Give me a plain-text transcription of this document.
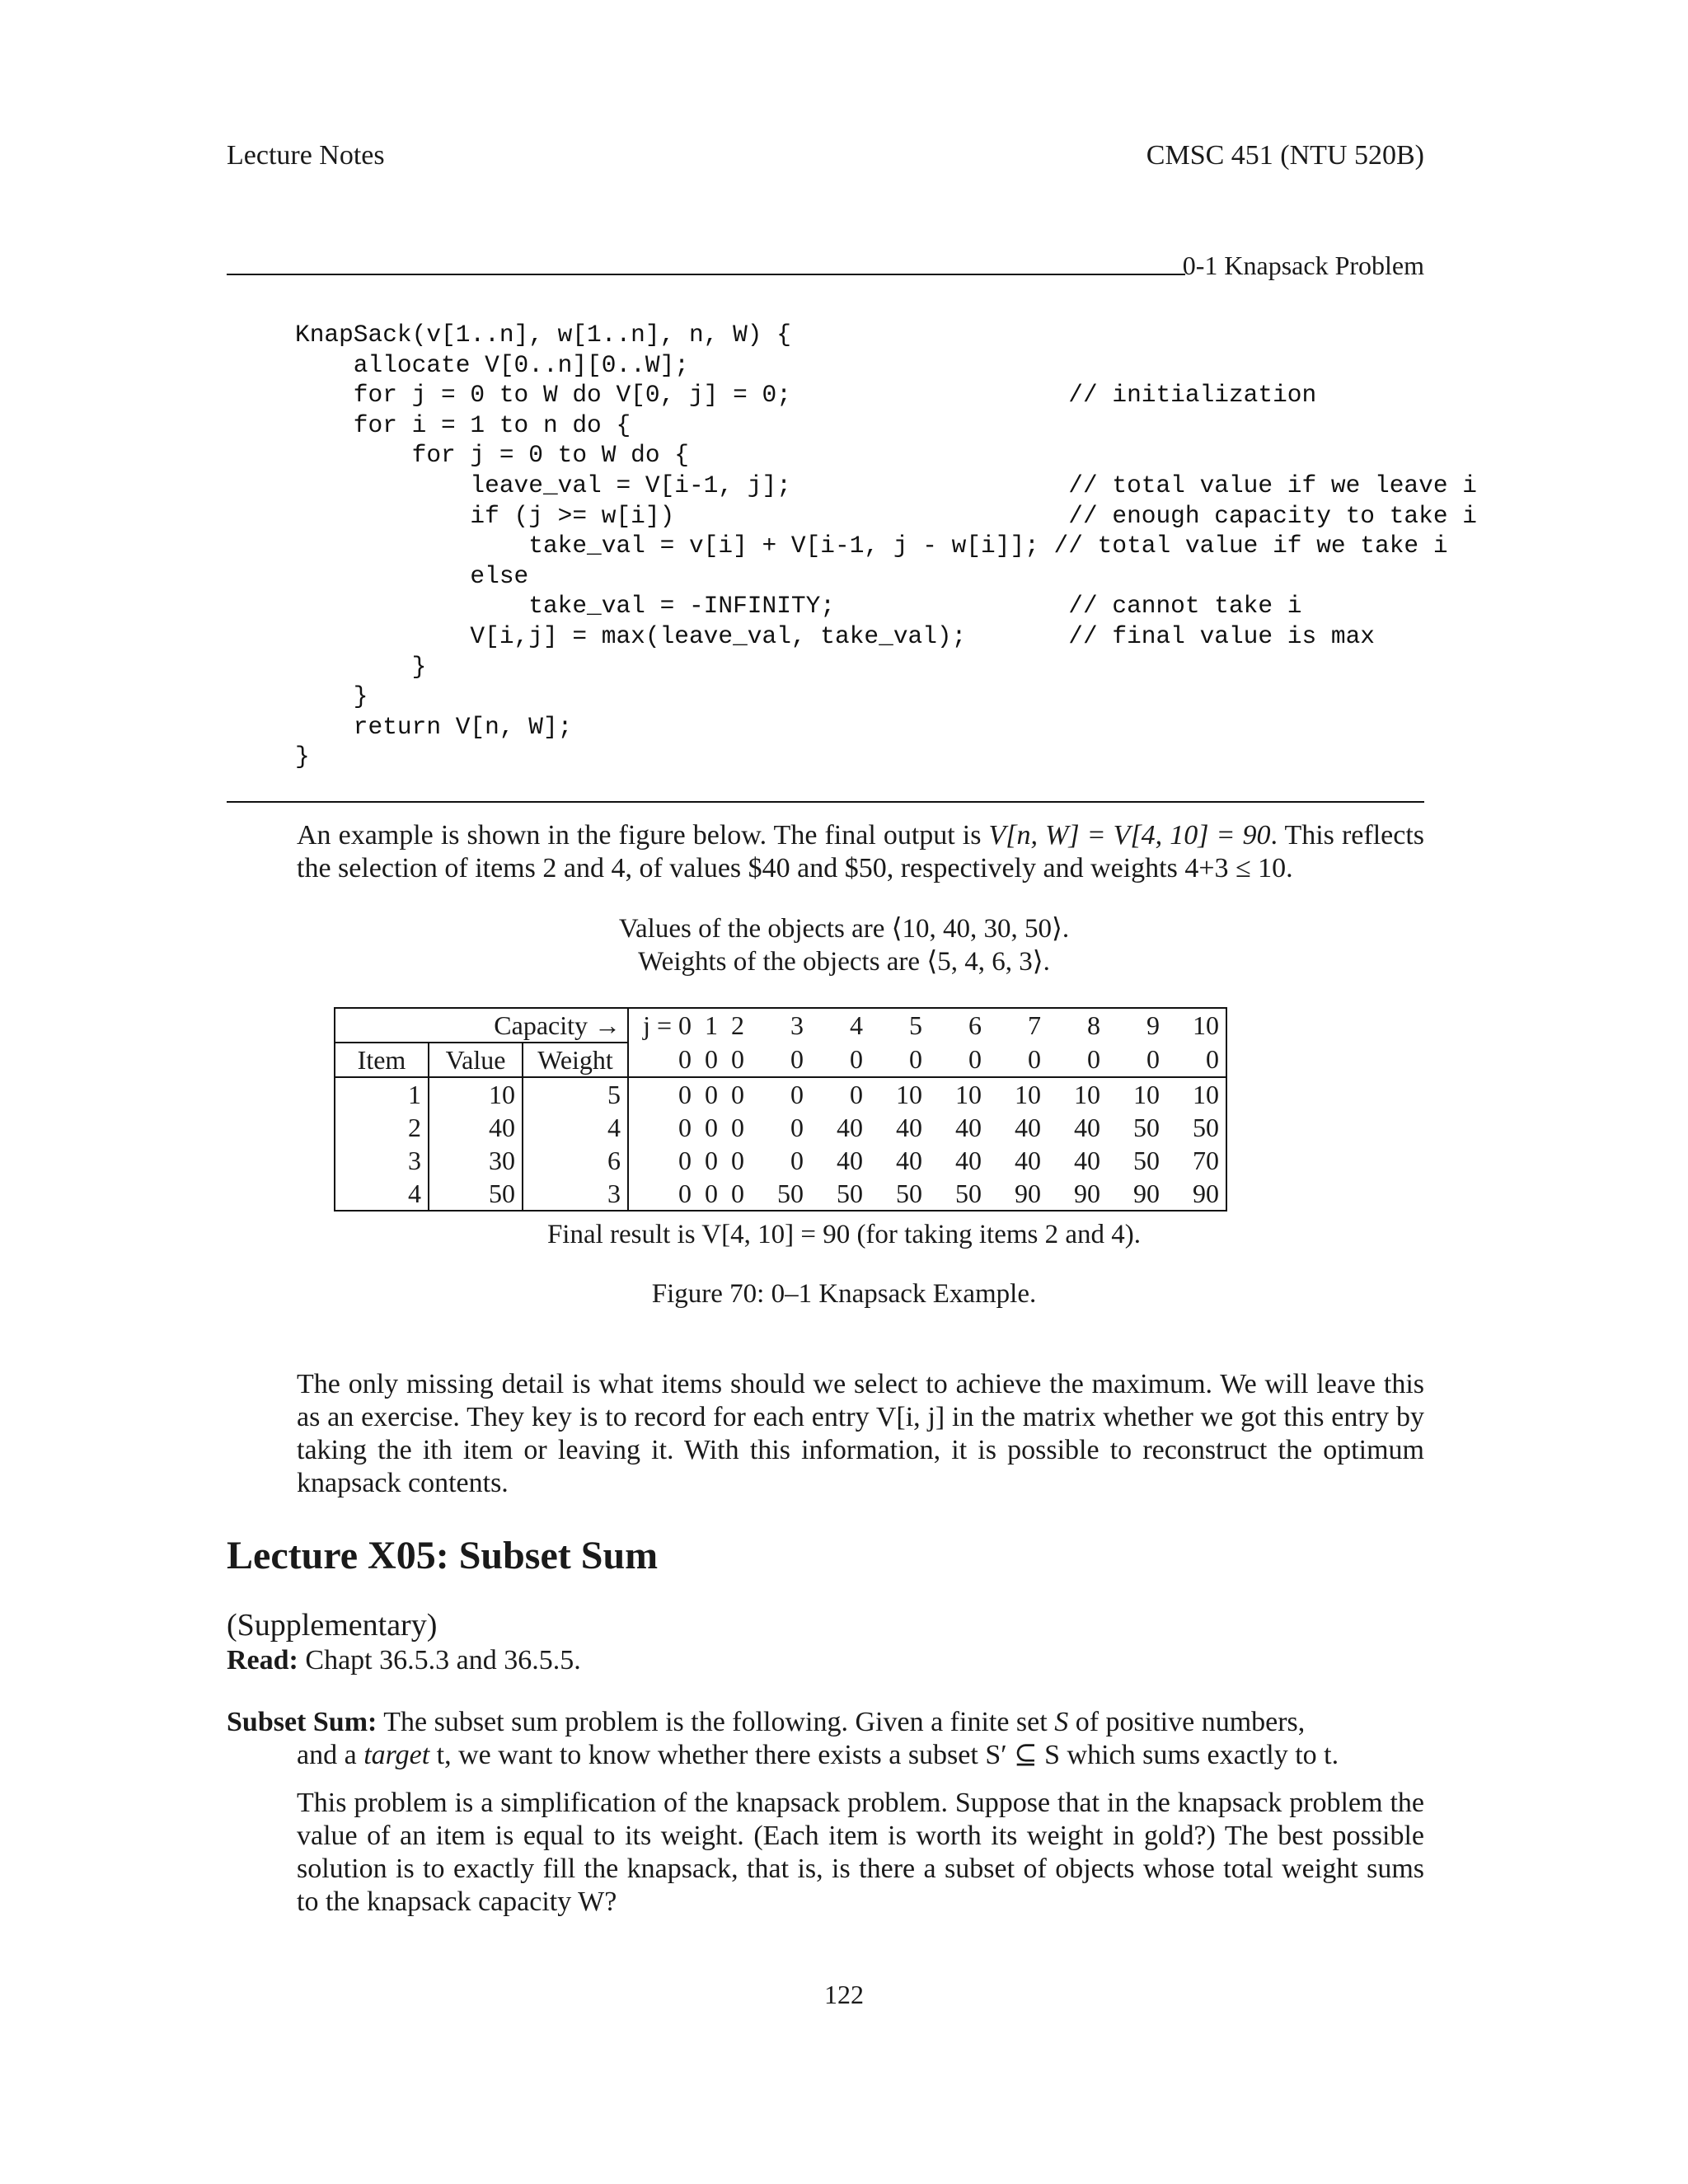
Lecture Notes	CMSC 451 (NTU 520B)
0-1 Knapsack Problem
KnapSack(v[1..n], w[1..n], n, W) {
allocate V[0..n][0..W];
for j = 0 to W do V[0, j] = 0;                   // initialization
for i = 1 to n do {
for j = 0 to W do {
leave_val = V[i-1, j];                   // total value if we leave i
if (j >= w[i])                           // enough capacity to take i
take_val = v[i] + V[i-1, j - w[i]]; // total value if we take i
else
take_val = -INFINITY;                // cannot take i
V[i,j] = max(leave_val, take_val);       // final value is max
}
}
return V[n, W];
}
An example is shown in the figure below. The final output is V[n, W] = V[4, 10] = 90. This reflects the selection of items 2 and 4, of values $40 and $50, respectively and weights 4+3 ≤ 10.
Values of the objects are ⟨10, 40, 30, 50⟩.
Weights of the objects are ⟨5, 4, 6, 3⟩.
Capacity →			j = 0	1	2	3	4	5	6	7	8	9	10
Item	Value	Weight	0	0	0	0	0	0	0	0	0	0	0
1	10	5	0	0	0	0	0	10	10	10	10	10	10
2	40	4	0	0	0	0	40	40	40	40	40	50	50
3	30	6	0	0	0	0	40	40	40	40	40	50	70
4	50	3	0	0	0	50	50	50	50	90	90	90	90
Final result is V[4, 10] = 90 (for taking items 2 and 4).
Figure 70: 0–1 Knapsack Example.
The only missing detail is what items should we select to achieve the maximum. We will leave this as an exercise. They key is to record for each entry V[i, j] in the matrix whether we got this entry by taking the ith item or leaving it. With this information, it is possible to reconstruct the optimum knapsack contents.
Lecture X05: Subset Sum
(Supplementary)
Read: Chapt 36.5.3 and 36.5.5.
Subset Sum: The subset sum problem is the following. Given a finite set S of positive numbers,
and a target t, we want to know whether there exists a subset S′ ⊆ S which sums exactly to t.
This problem is a simplification of the knapsack problem. Suppose that in the knapsack problem the value of an item is equal to its weight. (Each item is worth its weight in gold?) The best possible solution is to exactly fill the knapsack, that is, is there a subset of objects whose total weight sums to the knapsack capacity W?
122
